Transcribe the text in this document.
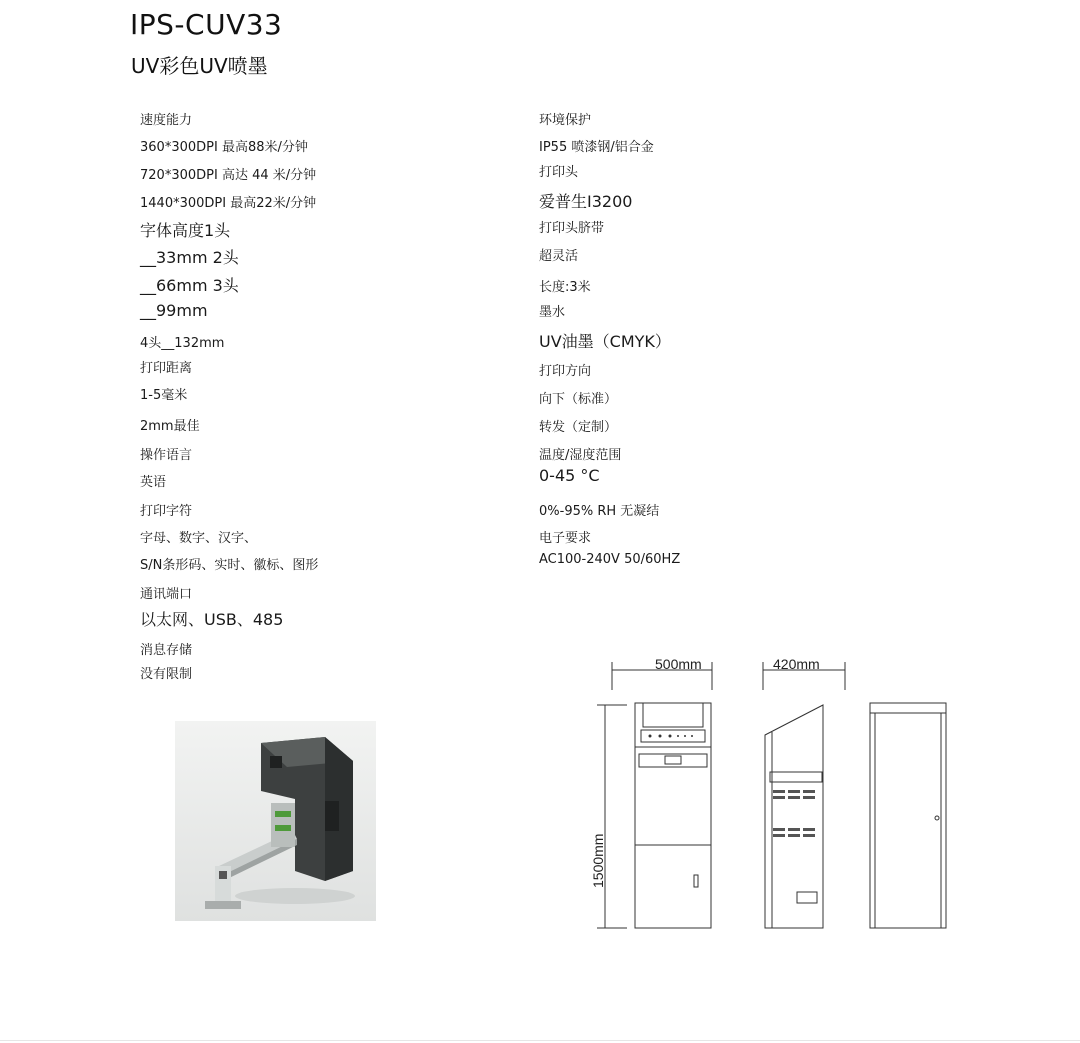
IPS-CUV33
UV彩色UV喷墨
速度能力
360*300DPI 最高88米/分钟
720*300DPI 高达 44 米/分钟
1440*300DPI 最高22米/分钟
字体高度1头
__33mm 2头
__66mm 3头
__99mm
4头__132mm
打印距离
1-5毫米
2mm最佳
操作语言
英语
打印字符
字母、数字、汉字、
S/N条形码、实时、徽标、图形
通讯端口
以太网、USB、485
消息存储
没有限制
环境保护
IP55 喷漆钢/铝合金
打印头
爱普生I3200
打印头脐带
超灵活
长度:3米
墨水
UV油墨（CMYK）
打印方向
向下（标准）
转发（定制）
温度/湿度范围
0-45 °C
0%-95% RH 无凝结
电子要求
AC100-240V 50/60HZ
500mm	420mm
1500mm
